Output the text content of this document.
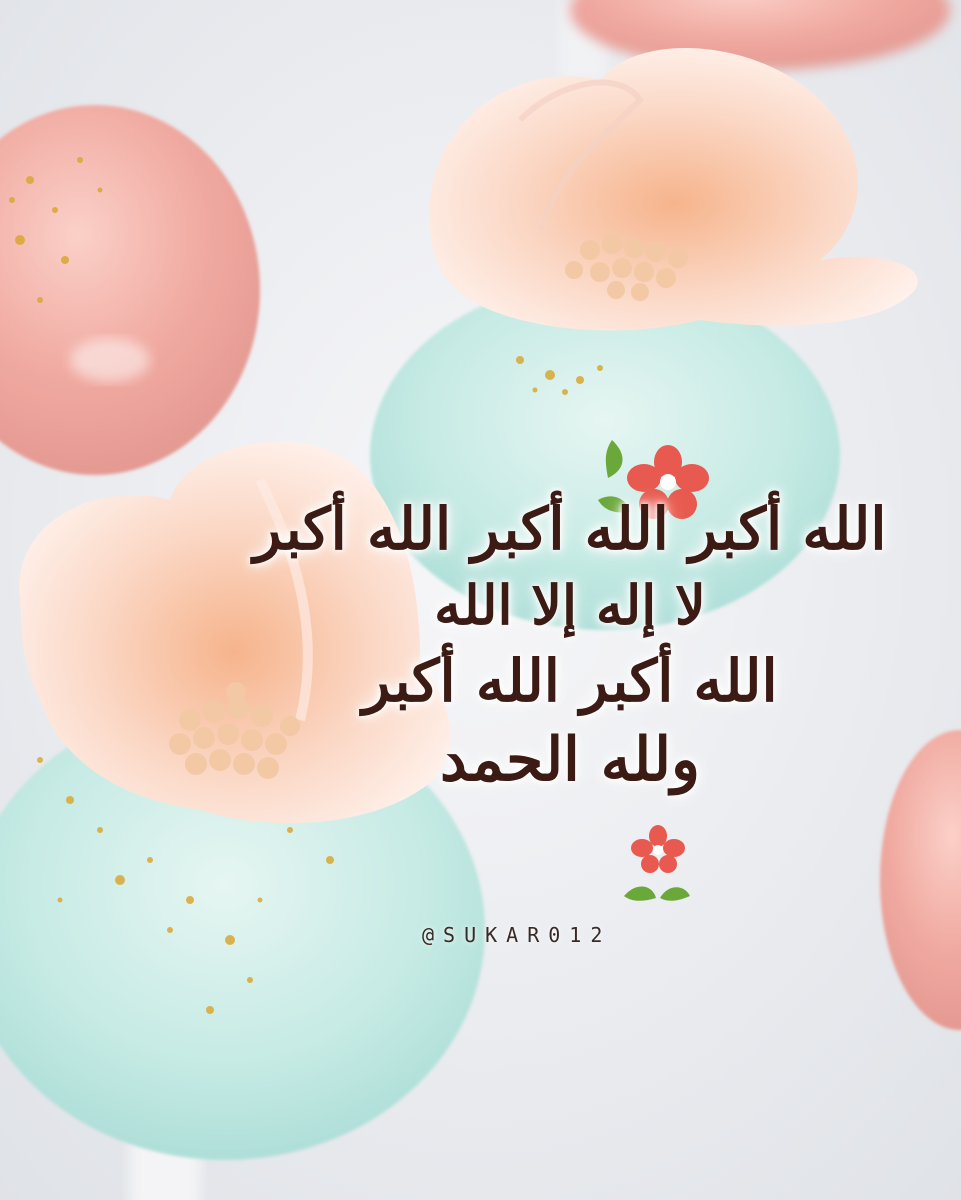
الله أكبر الله أكبر الله أكبر
لا إله إلا الله
الله أكبر الله أكبر
ولله الحمد
@SUKAR012
